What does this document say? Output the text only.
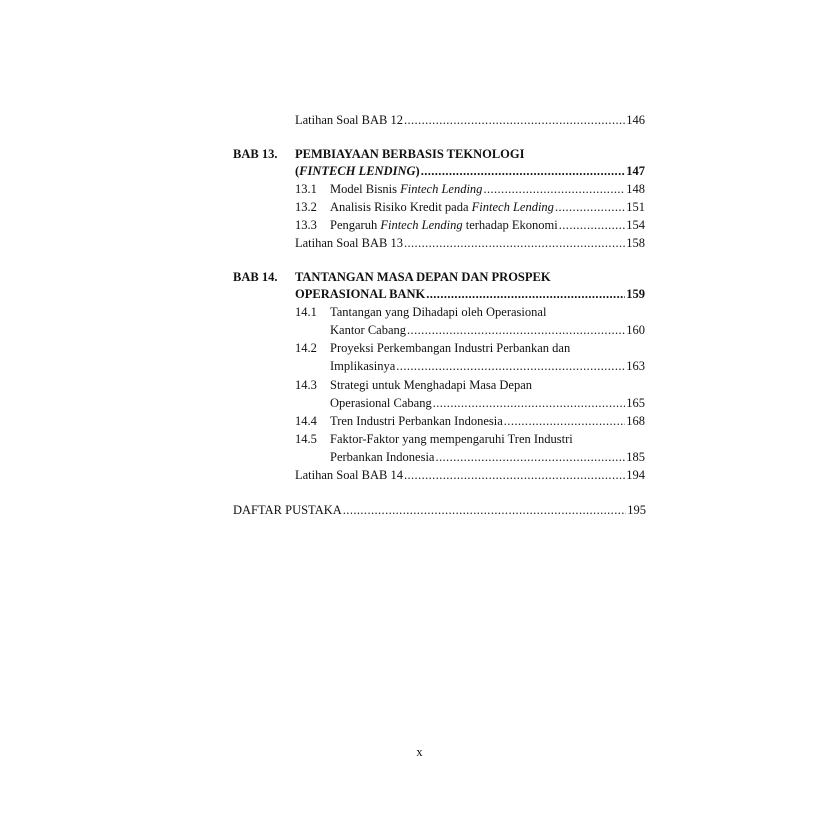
Latihan Soal BAB 12 .....	146
BAB 13. PEMBIAYAAN BERBASIS TEKNOLOGI
(FINTECH LENDING) .....	147
13.1 Model Bisnis Fintech Lending .....	148
13.2 Analisis Risiko Kredit pada Fintech Lending .....	151
13.3 Pengaruh Fintech Lending terhadap Ekonomi .....	154
Latihan Soal BAB 13 .....	158
BAB 14. TANTANGAN MASA DEPAN DAN PROSPEK
OPERASIONAL BANK .....	159
14.1 Tantangan yang Dihadapi oleh Operasional
Kantor Cabang .....	160
14.2 Proyeksi Perkembangan Industri Perbankan dan
Implikasinya .....	163
14.3 Strategi untuk Menghadapi Masa Depan
Operasional Cabang .....	165
14.4 Tren Industri Perbankan Indonesia .....	168
14.5 Faktor-Faktor yang mempengaruhi Tren Industri
Perbankan Indonesia .....	185
Latihan Soal BAB 14 .....	194
DAFTAR PUSTAKA .....	195
x
